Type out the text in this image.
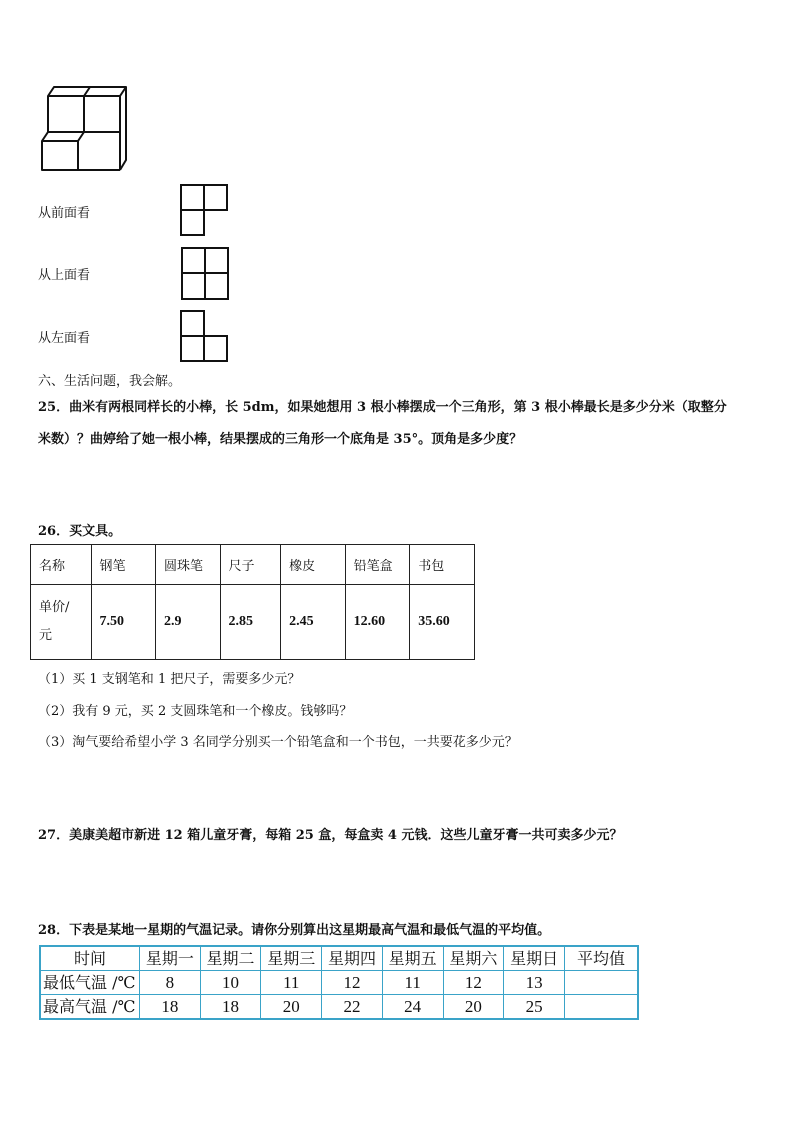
从前面看
从上面看
从左面看
六、生活问题，我会解。
25．曲米有两根同样长的小棒，长 5dm，如果她想用 3 根小棒摆成一个三角形，第 3 根小棒最长是多少分米（取整分
米数）？曲婷给了她一根小棒，结果摆成的三角形一个底角是 35°。顶角是多少度？
26．买文具。
名称	钢笔	圆珠笔	尺子	橡皮	铅笔盒	书包
单价/
元	7.50	2.9	2.85	2.45	12.60	35.60
（1）买 1 支钢笔和 1 把尺子，需要多少元？
（2）我有 9 元，买 2 支圆珠笔和一个橡皮。钱够吗？
（3）淘气要给希望小学 3 名同学分别买一个铅笔盒和一个书包，一共要花多少元？
27．美康美超市新进 12 箱儿童牙膏，每箱 25 盒，每盒卖 4 元钱．这些儿童牙膏一共可卖多少元？
28．下表是某地一星期的气温记录。请你分别算出这星期最高气温和最低气温的平均值。
时间	星期一	星期二	星期三	星期四	星期五	星期六	星期日	平均值
最低气温 /℃	8	10	11	12	11	12	13	
最高气温 /℃	18	18	20	22	24	20	25	
